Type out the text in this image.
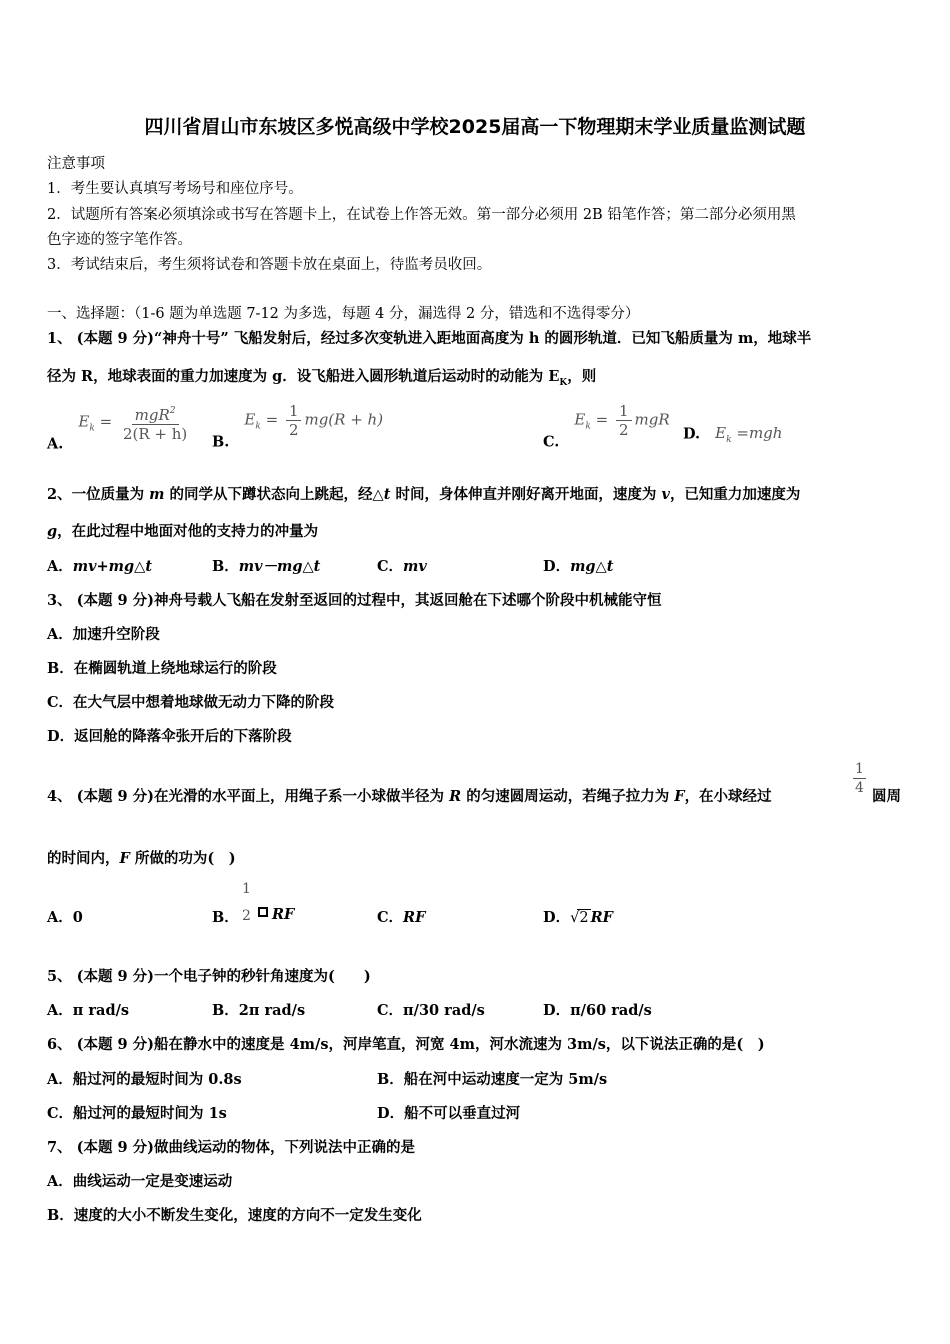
四川省眉山市东坡区多悦高级中学校2025届高一下物理期末学业质量监测试题
注意事项
1．考生要认真填写考场号和座位序号。
2．试题所有答案必须填涂或书写在答题卡上，在试卷上作答无效。第一部分必须用 2B 铅笔作答；第二部分必须用黑
色字迹的签字笔作答。
3．考试结束后，考生须将试卷和答题卡放在桌面上，待监考员收回。
一、选择题：（1-6 题为单选题 7-12 为多选，每题 4 分，漏选得 2 分，错选和不选得零分）
1、 (本题 9 分)“神舟十号” 飞船发射后，经过多次变轨进入距地面高度为 h 的圆形轨道．已知飞船质量为 m，地球半
径为 R，地球表面的重力加速度为 g．设飞船进入圆形轨道后运动时的动能为 $E_K$，则
A. $E_k = \frac{mgR^2}{2(R + h)} B$. $E_k = \frac{1}{2} mg(R + h)$
C. $E_k = \frac{1}{2}$ mgR
D. $E_k =mgh$
2、一位质量为 m 的同学从下蹲状态向上跳起，经△t 时间，身体伸直并刚好离开地面，速度为 v，已知重力加速度为
g，在此过程中地面对他的支持力的冲量为
A．mv+mg△t	B．mv－mg△t	C．mv	D．mg△t
3、 (本题 9 分)神舟号载人飞船在发射至返回的过程中，其返回舱在下述哪个阶段中机械能守恒
A．加速升空阶段
B．在椭圆轨道上绕地球运行的阶段
C．在大气层中想着地球做无动力下降的阶段
D．返回舱的降落伞张开后的下落阶段
4、 (本题 9 分)在光滑的水平面上，用绳子系一小球做半径为 R 的匀速圆周运动，若绳子拉力为 F，在小球经过	$\frac{1}{4}$ 圆周
的时间内，F 所做的功为(　)
A．0	B． $\frac{1}{2}$ RF	C．RF	D．√2 RF
5、 (本题 9 分)一个电子钟的秒针角速度为(　　)
A．π rad/s	B．2π rad/s	C．π/30 rad/s	D．π/60 rad/s
6、 (本题 9 分)船在静水中的速度是 4m/s，河岸笔直，河宽 4m，河水流速为 3m/s，以下说法正确的是(　)
A．船过河的最短时间为 0.8s	B．船在河中运动速度一定为 5m/s
C．船过河的最短时间为 1s	D．船不可以垂直过河
7、 (本题 9 分)做曲线运动的物体，下列说法中正确的是
A．曲线运动一定是变速运动
B．速度的大小不断发生变化，速度的方向不一定发生变化
